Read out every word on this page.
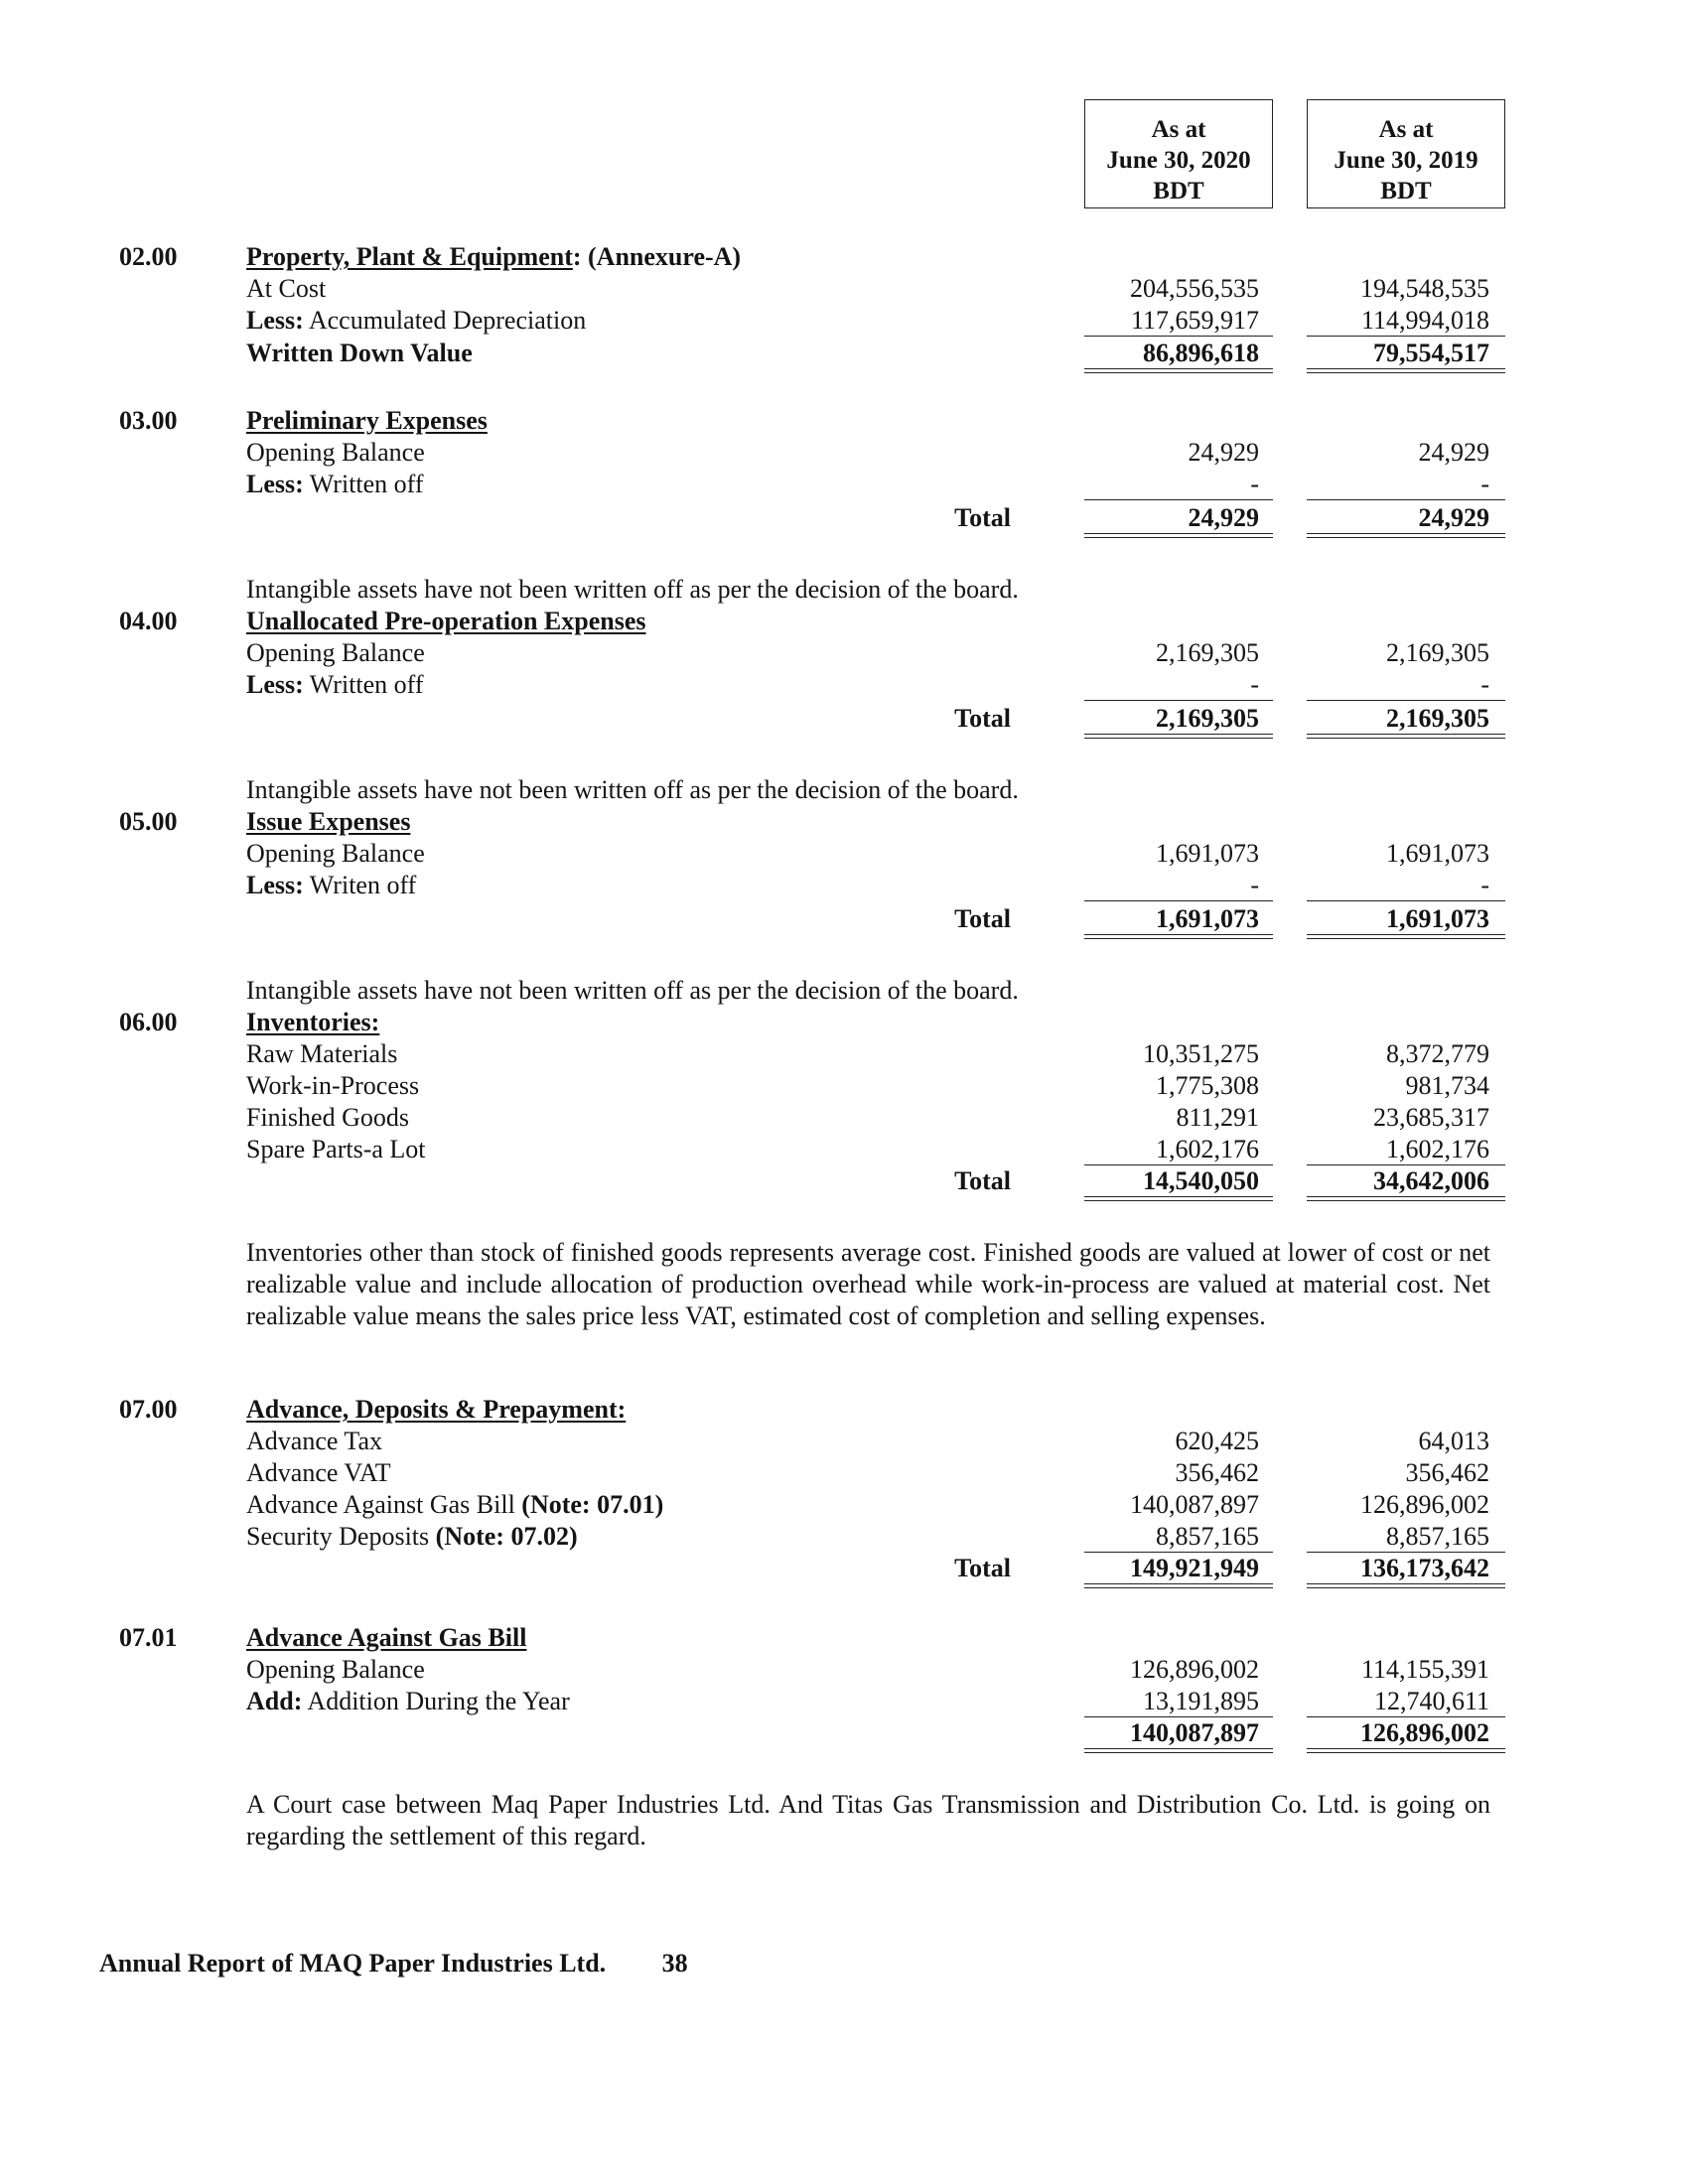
As at
June 30, 2020
BDT
As at
June 30, 2019
BDT
02.00	Property, Plant & Equipment: (Annexure-A)
At Cost	204,556,535	194,548,535
Less: Accumulated Depreciation	117,659,917	114,994,018
Written Down Value	86,896,618	79,554,517
03.00	Preliminary Expenses
Opening Balance	24,929	24,929
Less: Written off	-	-
Total	24,929	24,929
Intangible assets have not been written off as per the decision of the board.
04.00	Unallocated Pre-operation Expenses
Opening Balance	2,169,305	2,169,305
Less: Written off	-	-
Total	2,169,305	2,169,305
Intangible assets have not been written off as per the decision of the board.
05.00	Issue Expenses
Opening Balance	1,691,073	1,691,073
Less: Writen off	-	-
Total	1,691,073	1,691,073
Intangible assets have not been written off as per the decision of the board.
06.00	Inventories:
Raw Materials	10,351,275	8,372,779
Work-in-Process	1,775,308	981,734
Finished Goods	811,291	23,685,317
Spare Parts-a Lot	1,602,176	1,602,176
Total	14,540,050	34,642,006
Inventories other than stock of finished goods represents average cost. Finished goods are valued at lower of cost or net realizable value and include allocation of production overhead while work-in-process are valued at material cost. Net realizable value means the sales price less VAT, estimated cost of completion and selling expenses.
07.00	Advance, Deposits & Prepayment:
Advance Tax	620,425	64,013
Advance VAT	356,462	356,462
Advance Against Gas Bill (Note: 07.01)	140,087,897	126,896,002
Security Deposits (Note: 07.02)	8,857,165	8,857,165
Total	149,921,949	136,173,642
07.01	Advance Against Gas Bill
Opening Balance	126,896,002	114,155,391
Add: Addition During the Year	13,191,895	12,740,611
140,087,897	126,896,002
A Court case between Maq Paper Industries Ltd. And Titas Gas Transmission and Distribution Co. Ltd. is going on regarding the settlement of this regard.
Annual Report of MAQ Paper Industries Ltd. 38
